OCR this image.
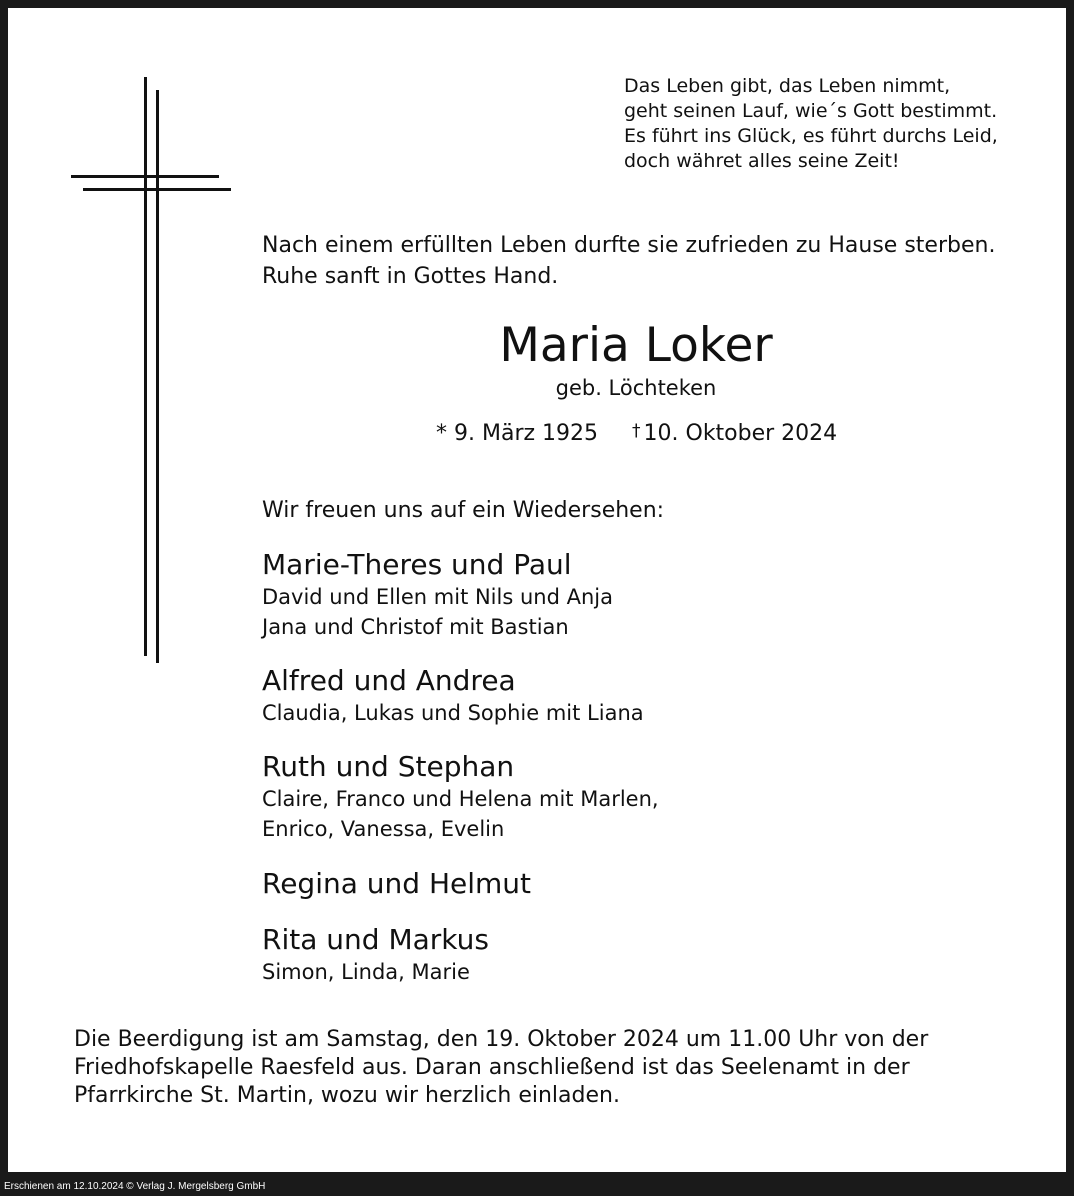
Das Leben gibt, das Leben nimmt,
geht seinen Lauf, wie´s Gott bestimmt.
Es führt ins Glück, es führt durchs Leid,
doch währet alles seine Zeit!
Nach einem erfüllten Leben durfte sie zufrieden zu Hause sterben.
Ruhe sanft in Gottes Hand.
Maria Loker
geb. Löchteken
* 9. März 1925 † 10. Oktober 2024
Wir freuen uns auf ein Wiedersehen:
Marie-Theres und Paul
David und Ellen mit Nils und Anja
Jana und Christof mit Bastian
Alfred und Andrea
Claudia, Lukas und Sophie mit Liana
Ruth und Stephan
Claire, Franco und Helena mit Marlen,
Enrico, Vanessa, Evelin
Regina und Helmut
Rita und Markus
Simon, Linda, Marie
Die Beerdigung ist am Samstag, den 19. Oktober 2024 um 11.00 Uhr von der
Friedhofskapelle Raesfeld aus. Daran anschließend ist das Seelenamt in der
Pfarrkirche St. Martin, wozu wir herzlich einladen.
Erschienen am 12.10.2024 © Verlag J. Mergelsberg GmbH
